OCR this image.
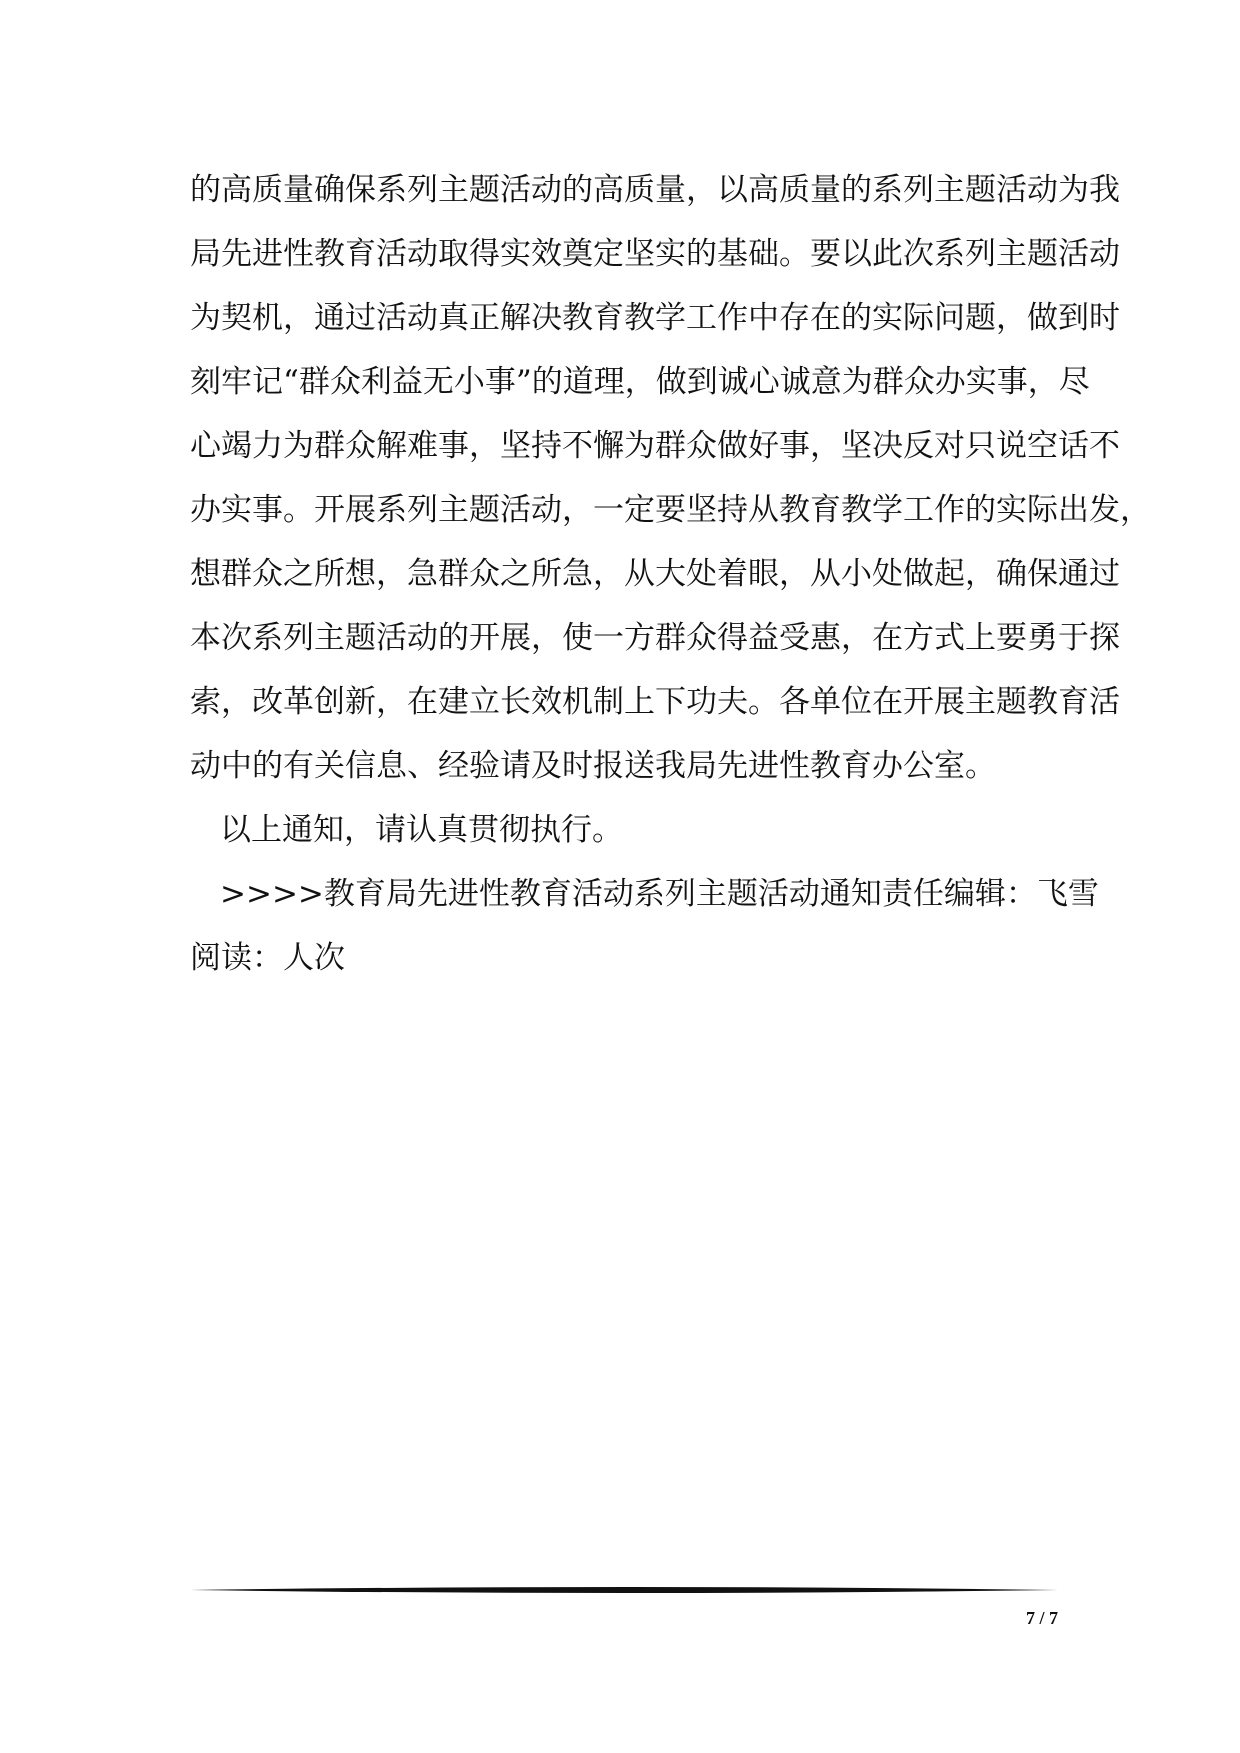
的高质量确保系列主题活动的高质量，以高质量的系列主题活动为我
局先进性教育活动取得实效奠定坚实的基础。要以此次系列主题活动
为契机，通过活动真正解决教育教学工作中存在的实际问题，做到时
刻牢记“群众利益无小事”的道理，做到诚心诚意为群众办实事，尽
心竭力为群众解难事，坚持不懈为群众做好事，坚决反对只说空话不
办实事。开展系列主题活动，一定要坚持从教育教学工作的实际出发，
想群众之所想，急群众之所急，从大处着眼，从小处做起，确保通过
本次系列主题活动的开展，使一方群众得益受惠，在方式上要勇于探
索，改革创新，在建立长效机制上下功夫。各单位在开展主题教育活
动中的有关信息、经验请及时报送我局先进性教育办公室。
以上通知，请认真贯彻执行。
>>>>教育局先进性教育活动系列主题活动通知责任编辑：飞雪
阅读：人次
7 / 7
